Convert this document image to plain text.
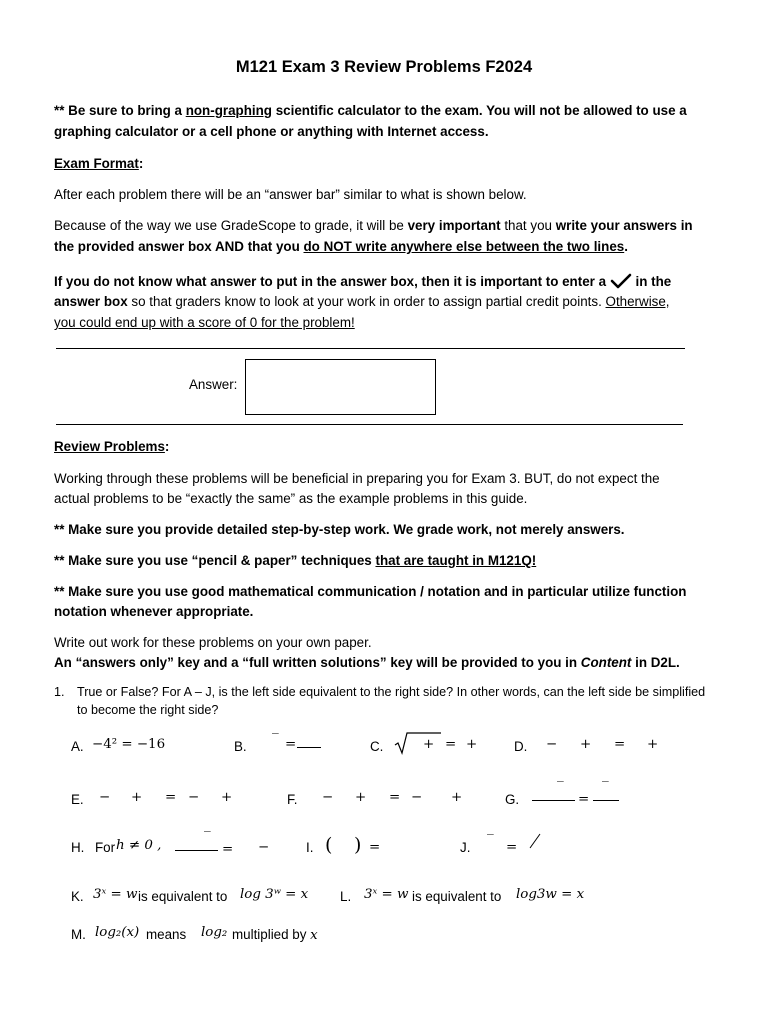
M121 Exam 3 Review Problems F2024
** Be sure to bring a non-graphing scientific calculator to the exam. You will not be allowed to use a
graphing calculator or a cell phone or anything with Internet access.
Exam Format:
After each problem there will be an “answer bar” similar to what is shown below.
Because of the way we use GradeScope to grade, it will be very important that you write your answers in
the provided answer box AND that you do NOT write anywhere else between the two lines.
If you do not know what answer to put in the answer box, then it is important to enter a in the
answer box so that graders know to look at your work in order to assign partial credit points. Otherwise,
you could end up with a score of 0 for the problem!
Answer:
Review Problems:
Working through these problems will be beneficial in preparing you for Exam 3. BUT, do not expect the
actual problems to be “exactly the same” as the example problems in this guide.
** Make sure you provide detailed step-by-step work. We grade work, not merely answers.
** Make sure you use “pencil & paper” techniques that are taught in M121Q!
** Make sure you use good mathematical communication / notation and in particular utilize function
notation whenever appropriate.
Write out work for these problems on your own paper.
An “answers only” key and a “full written solutions” key will be provided to you in Content in D2L.
1. True or False? For A – J, is the left side equivalent to the right side? In other words, can the left side be simplified
to become the right side?
A. −4² = −16	B. ‾ =	C.	+ = +	D. − + = +
E. − + = − +	F. − + = − +	G.
‾
=
‾
H. For h ≠ 0 ,
‾
= −	I. ( ) =	J. ‾ =
K. 3ˣ = w is equivalent to log 3ʷ = x L. 3ˣ = w is equivalent to log3w = x
M. log₂(x) means log₂ multiplied by x
